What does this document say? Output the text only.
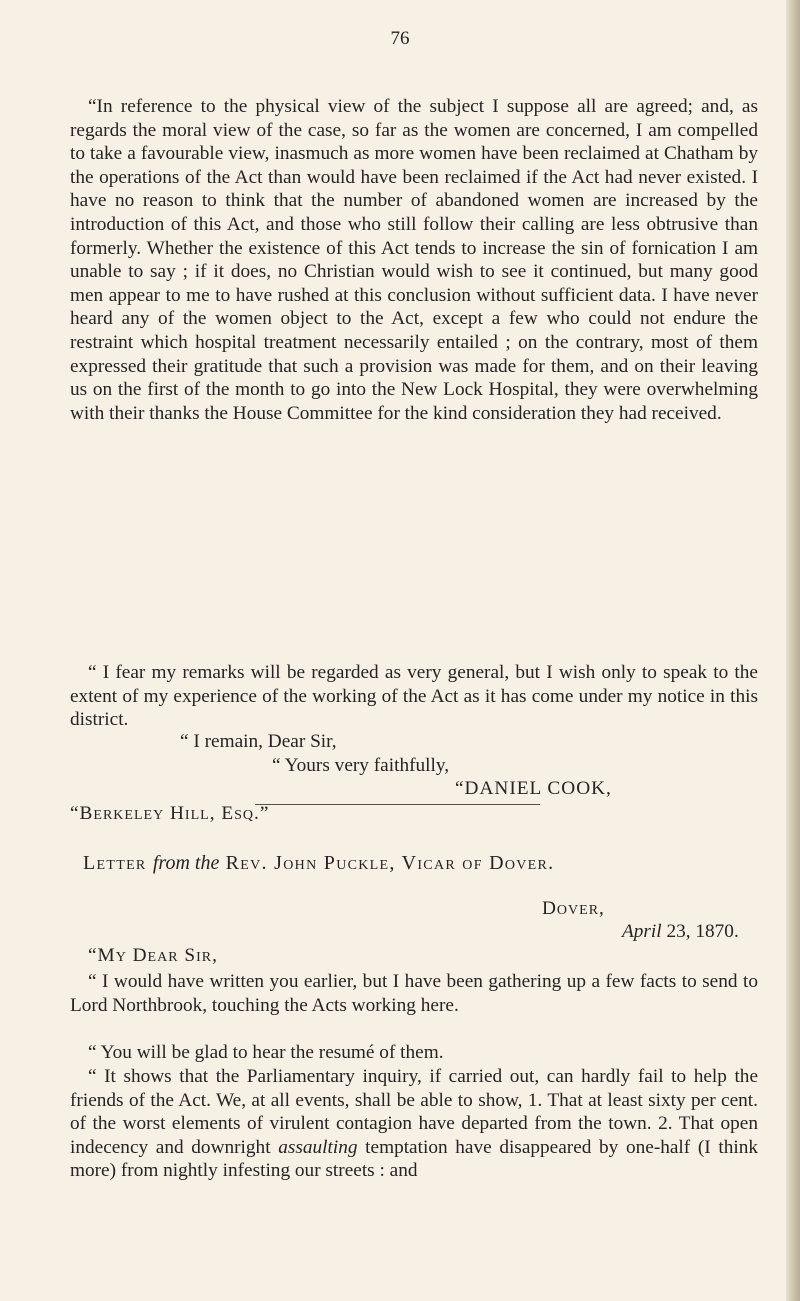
76
“In reference to the physical view of the subject I suppose all are agreed; and, as regards the moral view of the case, so far as the women are concerned, I am compelled to take a favourable view, inasmuch as more women have been reclaimed at Chatham by the operations of the Act than would have been reclaimed if the Act had never existed. I have no reason to think that the number of abandoned women are increased by the introduction of this Act, and those who still follow their calling are less obtrusive than formerly. Whether the existence of this Act tends to increase the sin of fornication I am unable to say ; if it does, no Christian would wish to see it continued, but many good men appear to me to have rushed at this conclusion without sufficient data. I have never heard any of the women object to the Act, except a few who could not endure the restraint which hospital treatment necessarily entailed ; on the contrary, most of them expressed their gratitude that such a provision was made for them, and on their leaving us on the first of the month to go into the New Lock Hospital, they were overwhelming with their thanks the House Committee for the kind consideration they had received.
“ I fear my remarks will be regarded as very general, but I wish only to speak to the extent of my experience of the working of the Act as it has come under my notice in this district.
“ I remain, Dear Sir,
“ Yours very faithfully,
“DANIEL COOK,
“Berkeley Hill, Esq.”
Letter from the Rev. John Puckle, Vicar of Dover.
Dover,
April 23, 1870.
“My Dear Sir,
“ I would have written you earlier, but I have been gathering up a few facts to send to Lord Northbrook, touching the Acts working here.
“ You will be glad to hear the resumé of them.
“ It shows that the Parliamentary inquiry, if carried out, can hardly fail to help the friends of the Act. We, at all events, shall be able to show, 1. That at least sixty per cent. of the worst elements of virulent contagion have departed from the town. 2. That open indecency and downright assaulting temptation have disappeared by one-half (I think more) from nightly infesting our streets : and
